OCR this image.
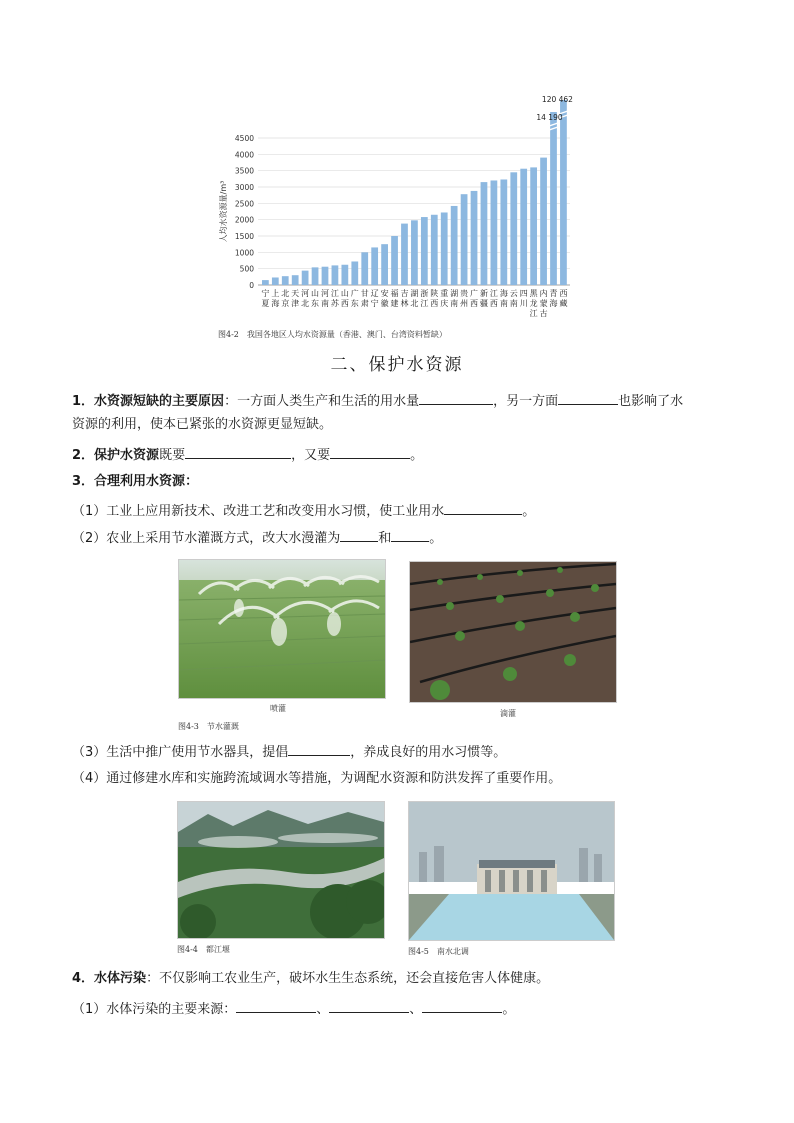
0
500
1000
1500
2000
2500
3000
3500
4000
4500
人均水资源量/m³
宁
夏
上
海
北
京
天
津
河
北
山
东
河
南
江
苏
山
西
广
东
甘
肃
辽
宁
安
徽
福
建
吉
林
湖
北
浙
江
陕
西
重
庆
湖
南
贵
州
广
西
新
疆
江
西
海
南
云
南
四
川
黑
龙
江
内
蒙
古
青
海
西
藏
14 190
120 462
图4-2　我国各地区人均水资源量（香港、澳门、台湾资料暂缺）
二、保护水资源
1．水资源短缺的主要原因：一方面人类生产和生活的用水量	，另一方面	也影响了水
资源的利用，使本已紧张的水资源更显短缺。
2．保护水资源既要	，又要	。
3．合理利用水资源：
（1）工业上应用新技术、改进工艺和改变用水习惯，使工业用水	。
（2）农业上采用节水灌溉方式，改大水漫灌为	和	。
喷灌
滴灌
图4-3　节水灌溉
（3）生活中推广使用节水器具，提倡	，养成良好的用水习惯等。
（4）通过修建水库和实施跨流域调水等措施，为调配水资源和防洪发挥了重要作用。
图4-4　都江堰	图4-5　南水北调
4．水体污染：不仅影响工农业生产，破坏水生生态系统，还会直接危害人体健康。
（1）水体污染的主要来源：	、	、	。
